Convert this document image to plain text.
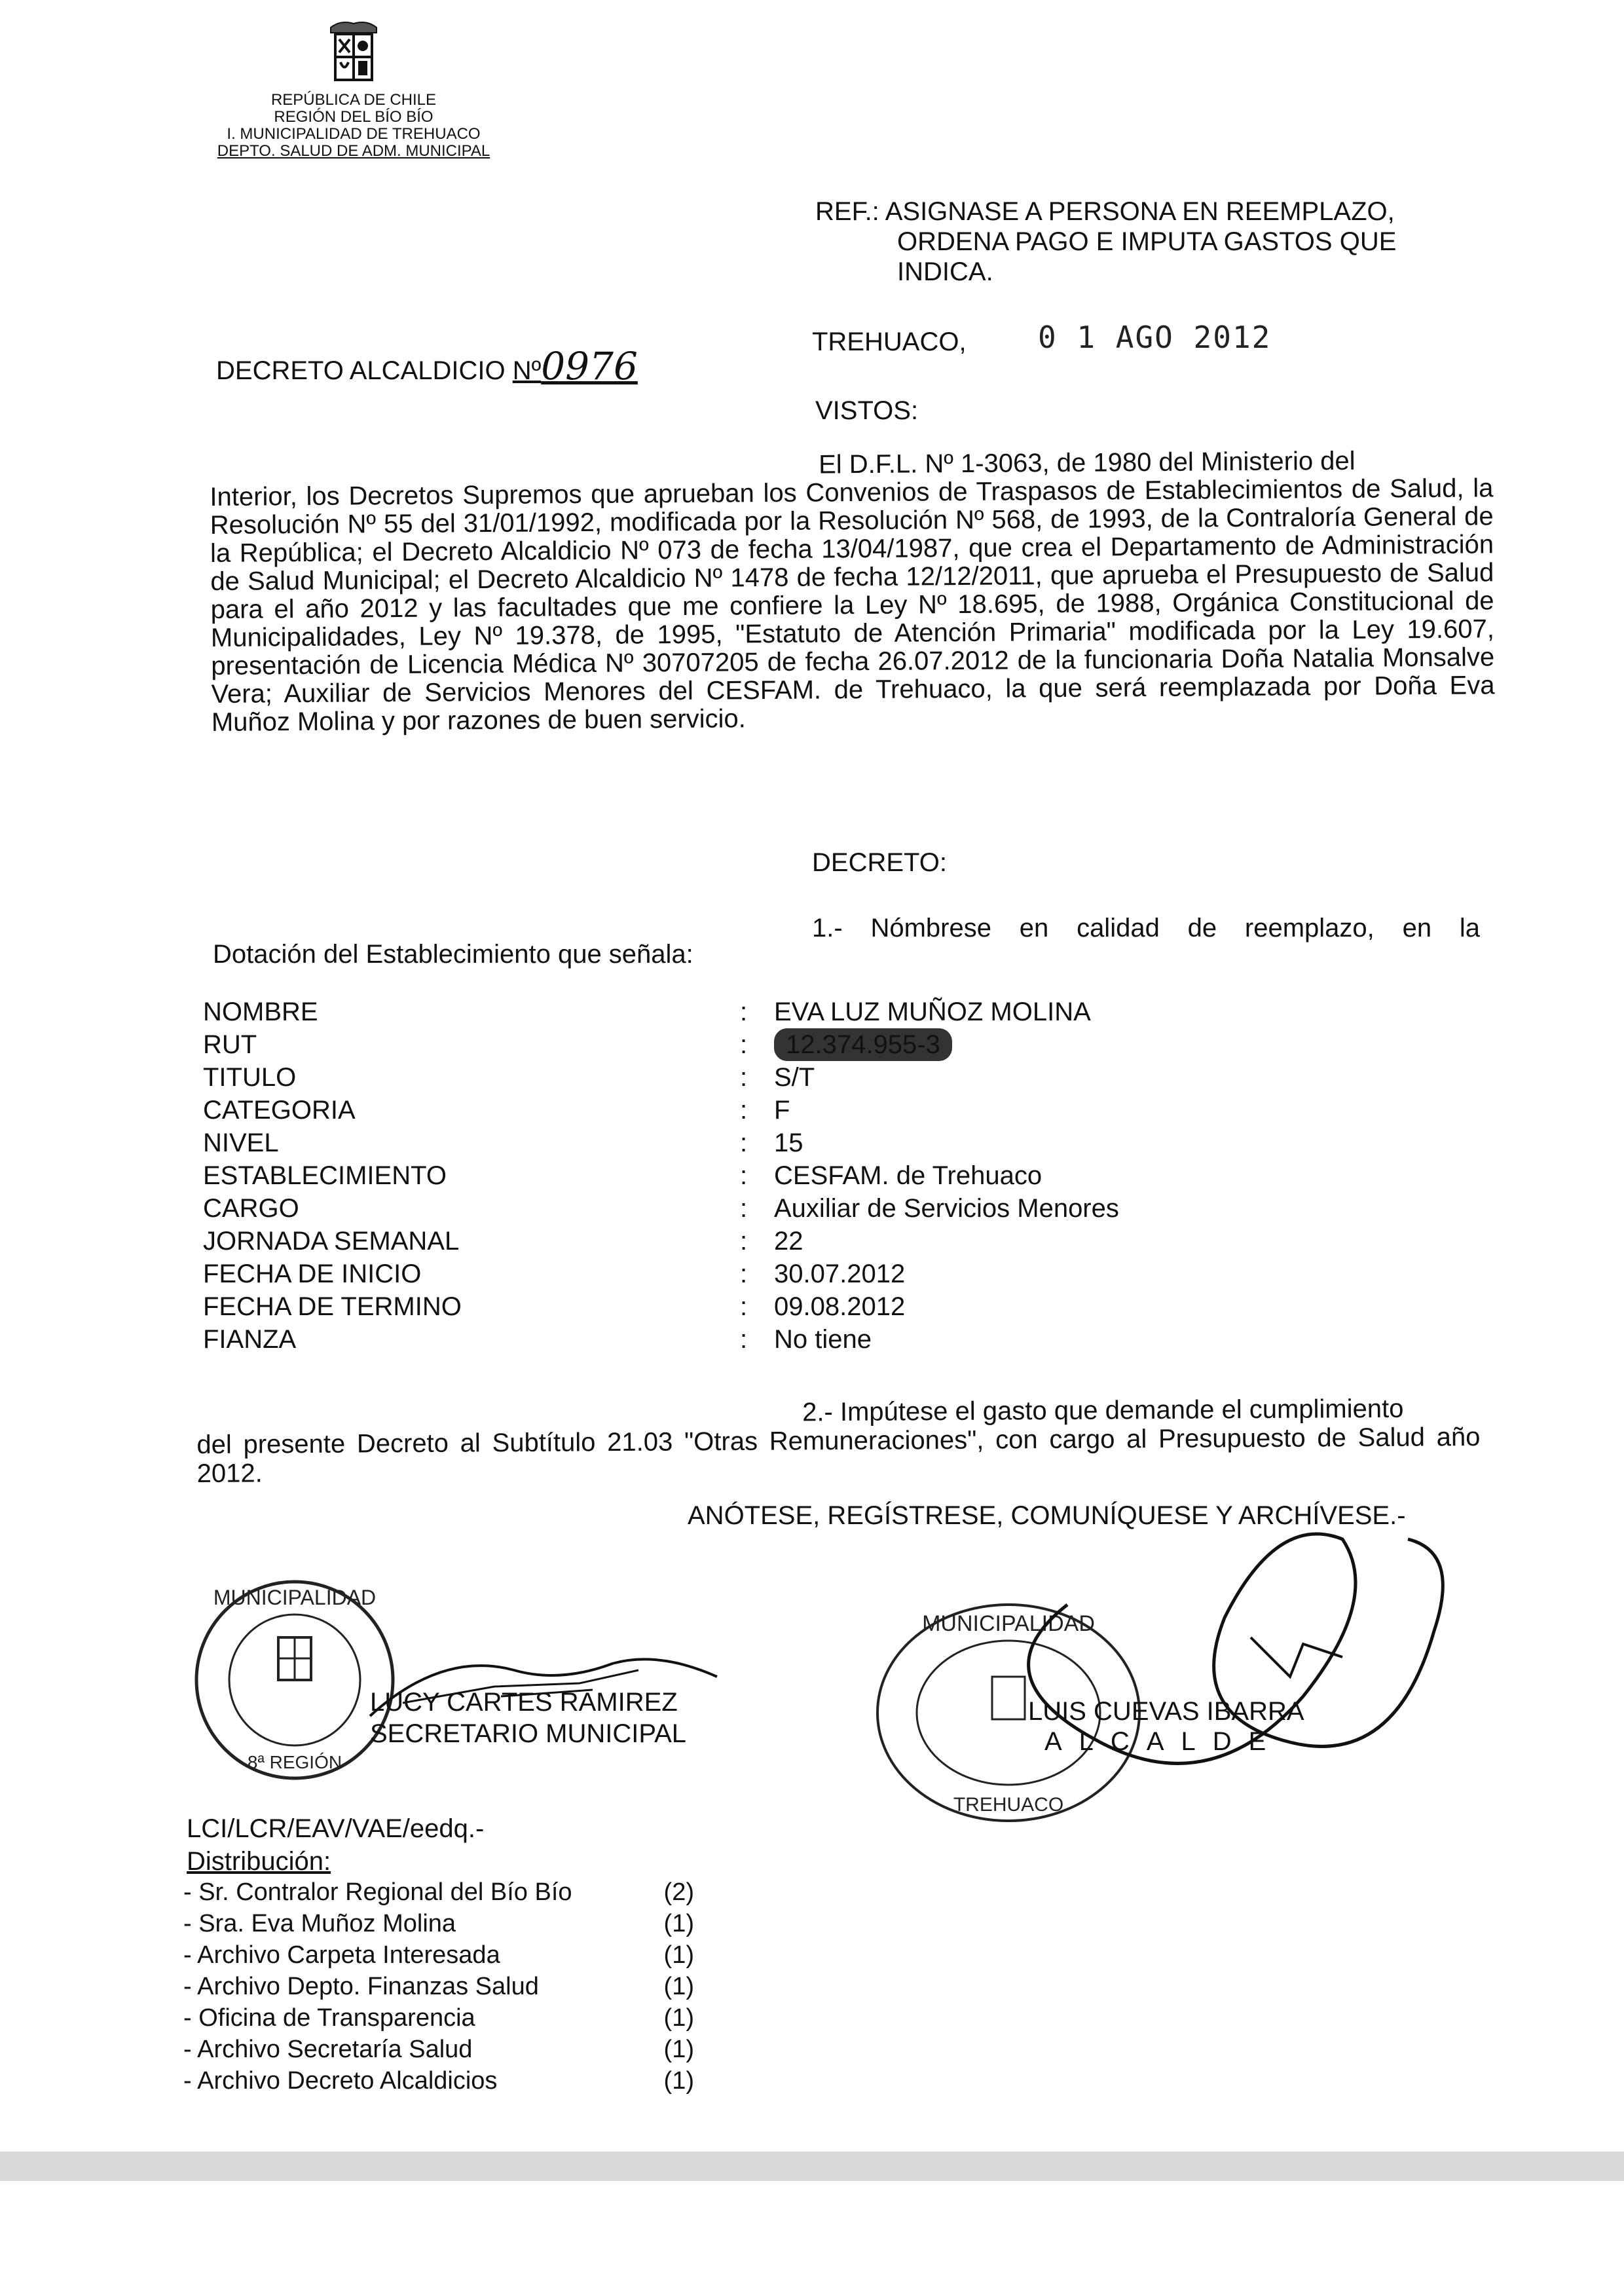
REPÚBLICA DE CHILE
REGIÓN DEL BÍO BÍO
I. MUNICIPALIDAD DE TREHUACO
DEPTO. SALUD DE ADM. MUNICIPAL
REF.: ASIGNASE A PERSONA EN REEMPLAZO,
ORDENA PAGO E IMPUTA GASTOS QUE
INDICA.
DECRETO ALCALDICIO Nº0976
TREHUACO, 0 1 AGO 2012
VISTOS:
El D.F.L. Nº 1-3063, de 1980 del Ministerio del
Interior, los Decretos Supremos que aprueban los Convenios de Traspasos de Establecimientos de Salud, la Resolución Nº 55 del 31/01/1992, modificada por la Resolución Nº 568, de 1993, de la Contraloría General de la República; el Decreto Alcaldicio Nº 073 de fecha 13/04/1987, que crea el Departamento de Administración de Salud Municipal; el Decreto Alcaldicio Nº 1478 de fecha 12/12/2011, que aprueba el Presupuesto de Salud para el año 2012 y las facultades que me confiere la Ley Nº 18.695, de 1988, Orgánica Constitucional de Municipalidades, Ley Nº 19.378, de 1995, "Estatuto de Atención Primaria" modificada por la Ley 19.607, presentación de Licencia Médica Nº 30707205 de fecha 26.07.2012 de la funcionaria Doña Natalia Monsalve Vera; Auxiliar de Servicios Menores del CESFAM. de Trehuaco, la que será reemplazada por Doña Eva Muñoz Molina y por razones de buen servicio.
DECRETO:
1.- Nómbrese en calidad de reemplazo, en la
Dotación del Establecimiento que señala:
NOMBRE	:	EVA LUZ MUÑOZ MOLINA
RUT	:	12.374.955-3
TITULO	:	S/T
CATEGORIA	:	F
NIVEL	:	15
ESTABLECIMIENTO	:	CESFAM. de Trehuaco
CARGO	:	Auxiliar de Servicios Menores
JORNADA SEMANAL	:	22
FECHA DE INICIO	:	30.07.2012
FECHA DE TERMINO	:	09.08.2012
FIANZA	:	No tiene
2.- Impútese el gasto que demande el cumplimiento
del presente Decreto al Subtítulo 21.03 "Otras Remuneraciones", con cargo al Presupuesto de Salud año 2012.
ANÓTESE, REGÍSTRESE, COMUNÍQUESE Y ARCHÍVESE.-
MUNICIPALIDAD
8ª REGIÓN
MUNICIPALIDAD
TREHUACO
LUCY CARTES RAMIREZ
SECRETARIO MUNICIPAL
LUIS CUEVAS IBARRA
ALCALDE
LCI/LCR/EAV/VAE/eedq.-
Distribución:
- Sr. Contralor Regional del Bío Bío	(2)
- Sra. Eva Muñoz Molina	(1)
- Archivo Carpeta Interesada	(1)
- Archivo Depto. Finanzas Salud	(1)
- Oficina de Transparencia	(1)
- Archivo Secretaría Salud	(1)
- Archivo Decreto Alcaldicios	(1)
